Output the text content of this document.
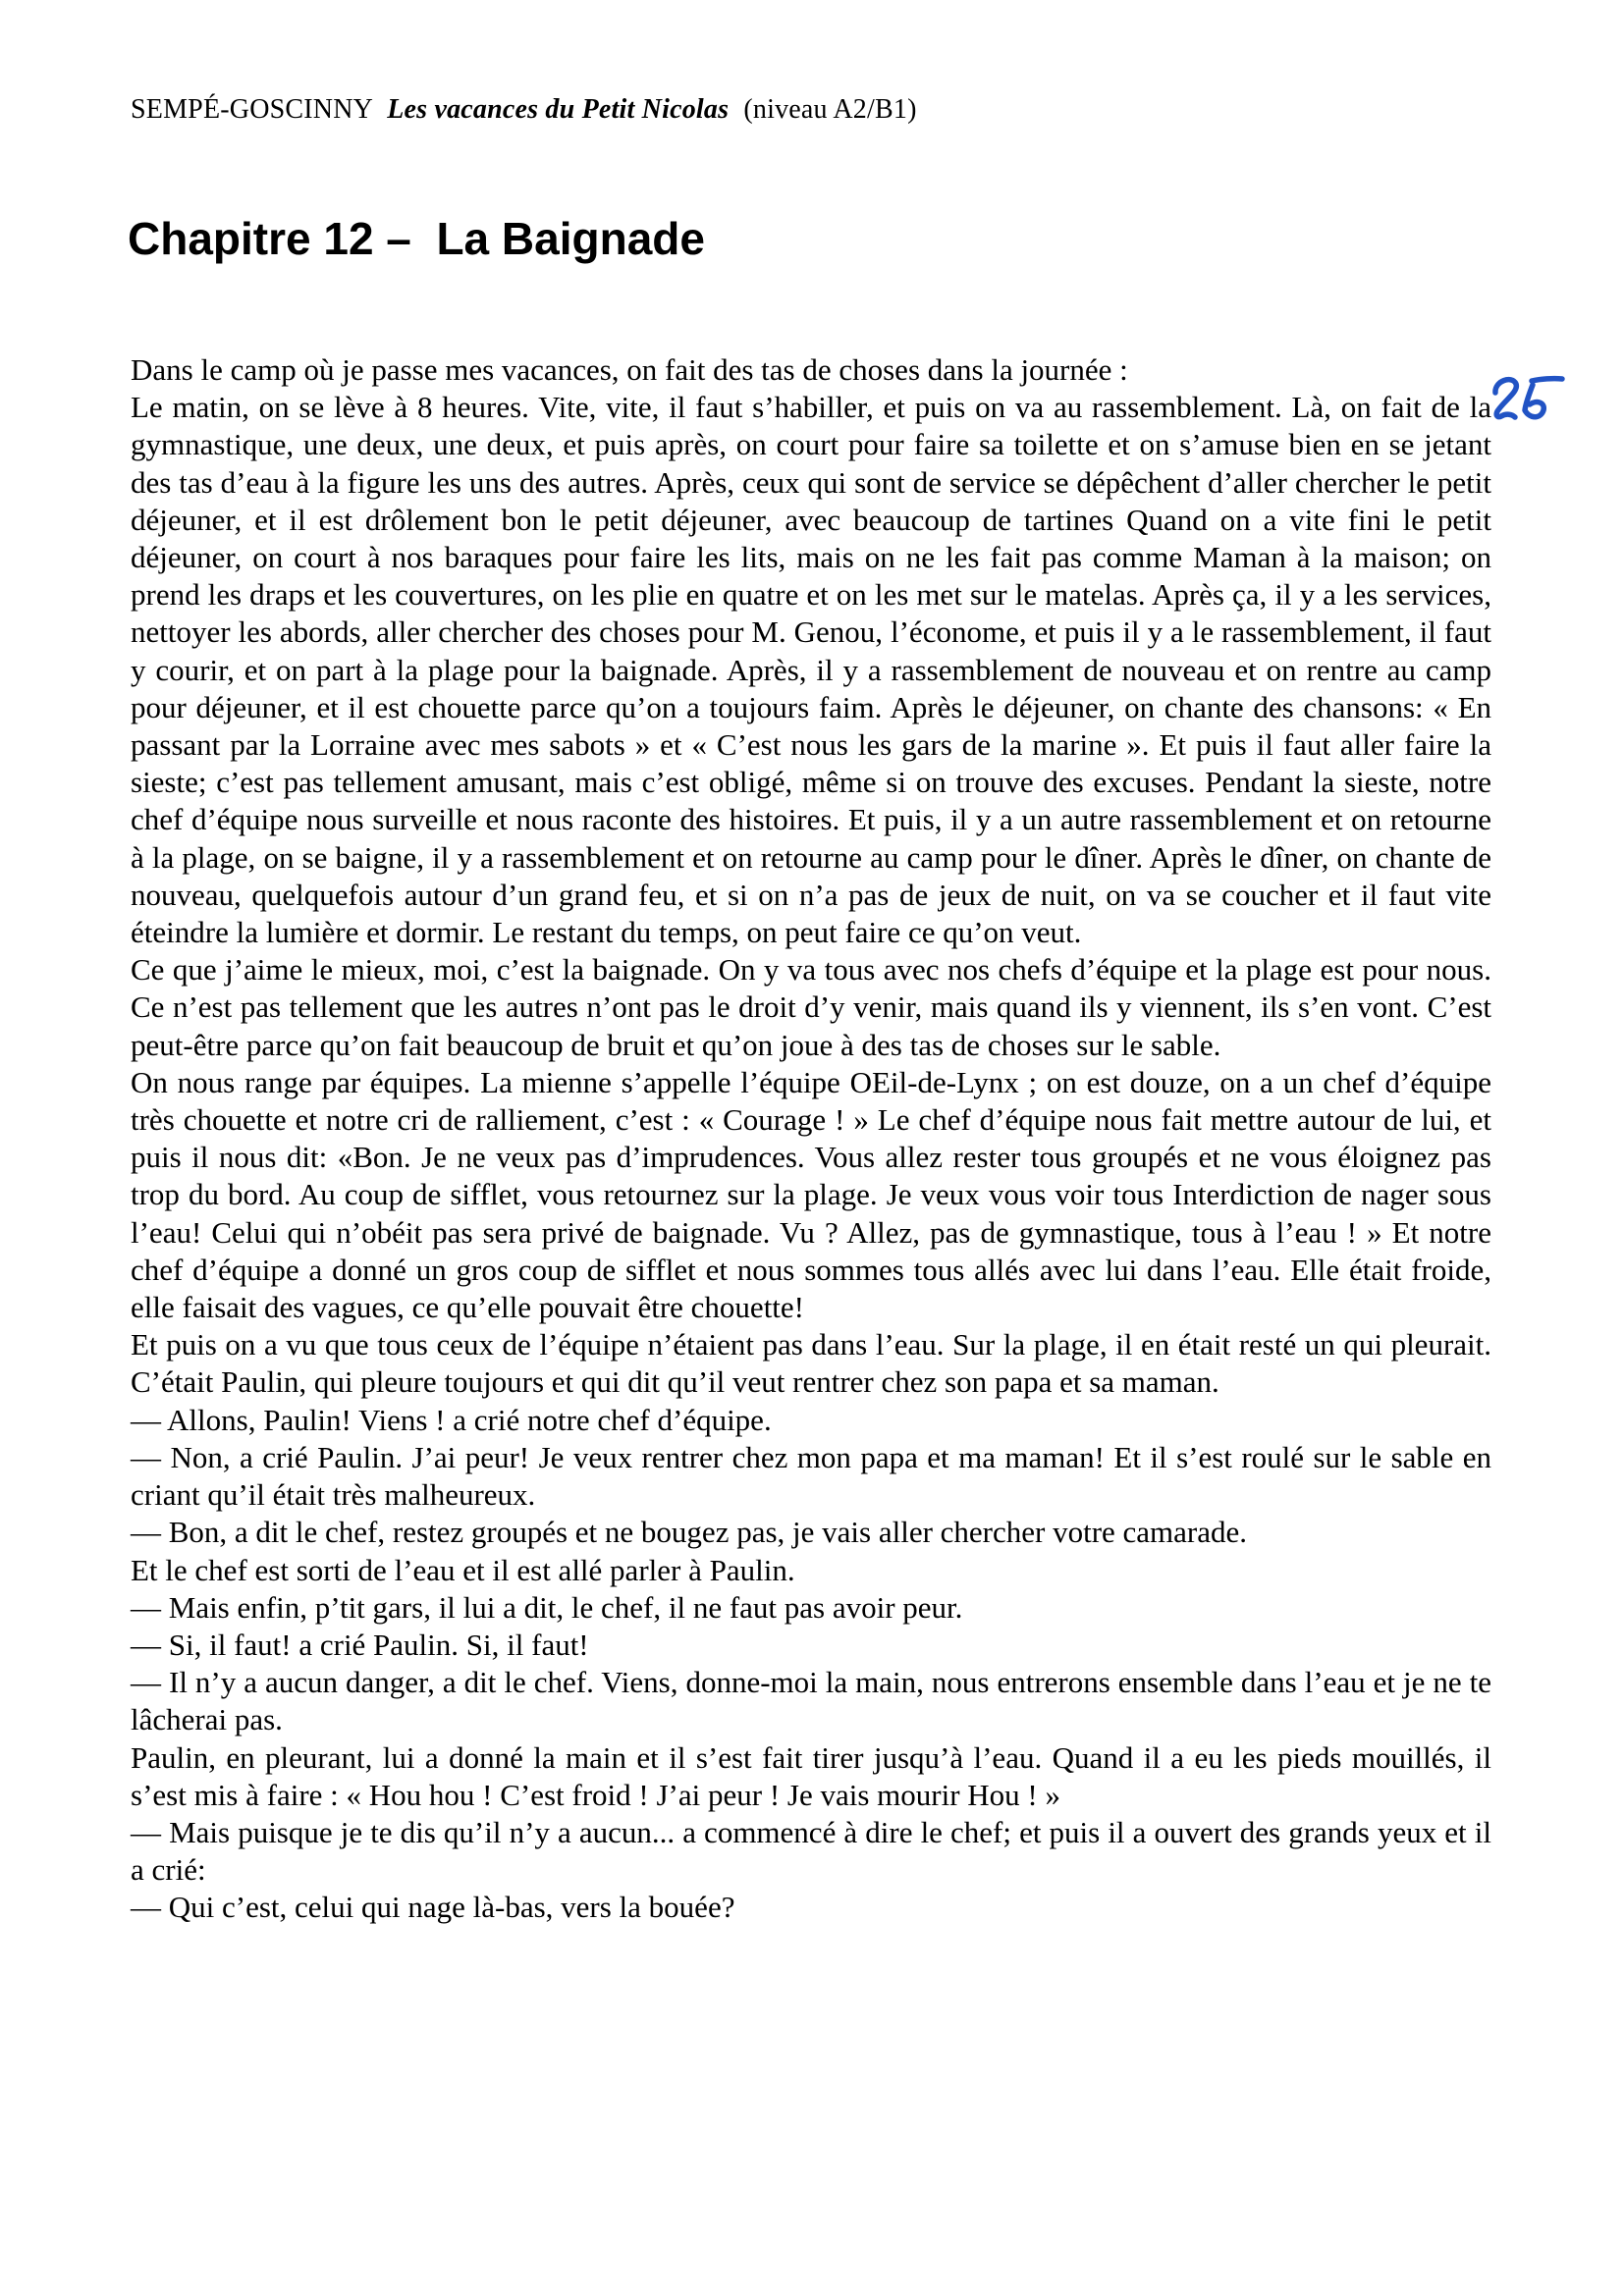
SEMPÉ-GOSCINNY Les vacances du Petit Nicolas (niveau A2/B1)
Chapitre 12 –  La Baignade

Dans le camp où je passe mes vacances, on fait des tas de choses dans la journée :

Le matin, on se lève à 8 heures. Vite, vite, il faut s’habiller, et puis on va au rassemblement. Là, on fait de la gymnastique, une deux, une deux, et puis après, on court pour faire sa toilette et on s’amuse bien en se jetant des tas d’eau à la figure les uns des autres. Après, ceux qui sont de service se dépêchent d’aller chercher le petit déjeuner, et il est drôlement bon le petit déjeuner, avec beaucoup de tartines Quand on a vite fini le petit déjeuner, on court à nos baraques pour faire les lits, mais on ne les fait pas comme Maman à la maison; on prend les draps et les couvertures, on les plie en quatre et on les met sur le matelas. Après ça, il y a les services, nettoyer les abords, aller chercher des choses pour M. Genou, l’économe, et puis il y a le rassemblement, il faut y courir, et on part à la plage pour la baignade. Après, il y a rassemblement de nouveau et on rentre au camp pour déjeuner, et il est chouette parce qu’on a toujours faim. Après le déjeuner, on chante des chansons: « En passant par la Lorraine avec mes sabots » et « C’est nous les gars de la marine ». Et puis il faut aller faire la sieste; c’est pas tellement amusant, mais c’est obligé, même si on trouve des excuses. Pendant la sieste, notre chef d’équipe nous surveille et nous raconte des histoires. Et puis, il y a un autre rassemblement et on retourne à la plage, on se baigne, il y a rassemblement et on retourne au camp pour le dîner. Après le dîner, on chante de nouveau, quelquefois autour d’un grand feu, et si on n’a pas de jeux de nuit, on va se coucher et il faut vite éteindre la lumière et dormir. Le restant du temps, on peut faire ce qu’on veut.

Ce que j’aime le mieux, moi, c’est la baignade. On y va tous avec nos chefs d’équipe et la plage est pour nous. Ce n’est pas tellement que les autres n’ont pas le droit d’y venir, mais quand ils y viennent, ils s’en vont. C’est peut-être parce qu’on fait beaucoup de bruit et qu’on joue à des tas de choses sur le sable.

On nous range par équipes. La mienne s’appelle l’équipe OEil-de-Lynx ; on est douze, on a un chef d’équipe très chouette et notre cri de ralliement, c’est : « Courage ! » Le chef d’équipe nous fait mettre autour de lui, et puis il nous dit: «Bon. Je ne veux pas d’imprudences. Vous allez rester tous groupés et ne vous éloignez pas trop du bord. Au coup de sifflet, vous retournez sur la plage. Je veux vous voir tous Interdiction de nager sous l’eau! Celui qui n’obéit pas sera privé de baignade. Vu ? Allez, pas de gymnastique, tous à l’eau ! » Et notre chef d’équipe a donné un gros coup de sifflet et nous sommes tous allés avec lui dans l’eau. Elle était froide, elle faisait des vagues, ce qu’elle pouvait être chouette!

Et puis on a vu que tous ceux de l’équipe n’étaient pas dans l’eau. Sur la plage, il en était resté un qui pleurait. C’était Paulin, qui pleure toujours et qui dit qu’il veut rentrer chez son papa et sa maman.

— Allons, Paulin! Viens ! a crié notre chef d’équipe.

— Non, a crié Paulin. J’ai peur! Je veux rentrer chez mon papa et ma maman! Et il s’est roulé sur le sable en criant qu’il était très malheureux.

— Bon, a dit le chef, restez groupés et ne bougez pas, je vais aller chercher votre camarade.

Et le chef est sorti de l’eau et il est allé parler à Paulin.

— Mais enfin, p’tit gars, il lui a dit, le chef, il ne faut pas avoir peur.

— Si, il faut! a crié Paulin. Si, il faut!

— Il n’y a aucun danger, a dit le chef. Viens, donne-moi la main, nous entrerons ensemble dans l’eau et je ne te lâcherai pas.

Paulin, en pleurant, lui a donné la main et il s’est fait tirer jusqu’à l’eau. Quand il a eu les pieds mouillés, il s’est mis à faire : « Hou hou ! C’est froid ! J’ai peur ! Je vais mourir Hou ! »

— Mais puisque je te dis qu’il n’y a aucun... a commencé à dire le chef; et puis il a ouvert des grands yeux et il a crié:

— Qui c’est, celui qui nage là-bas, vers la bouée?
